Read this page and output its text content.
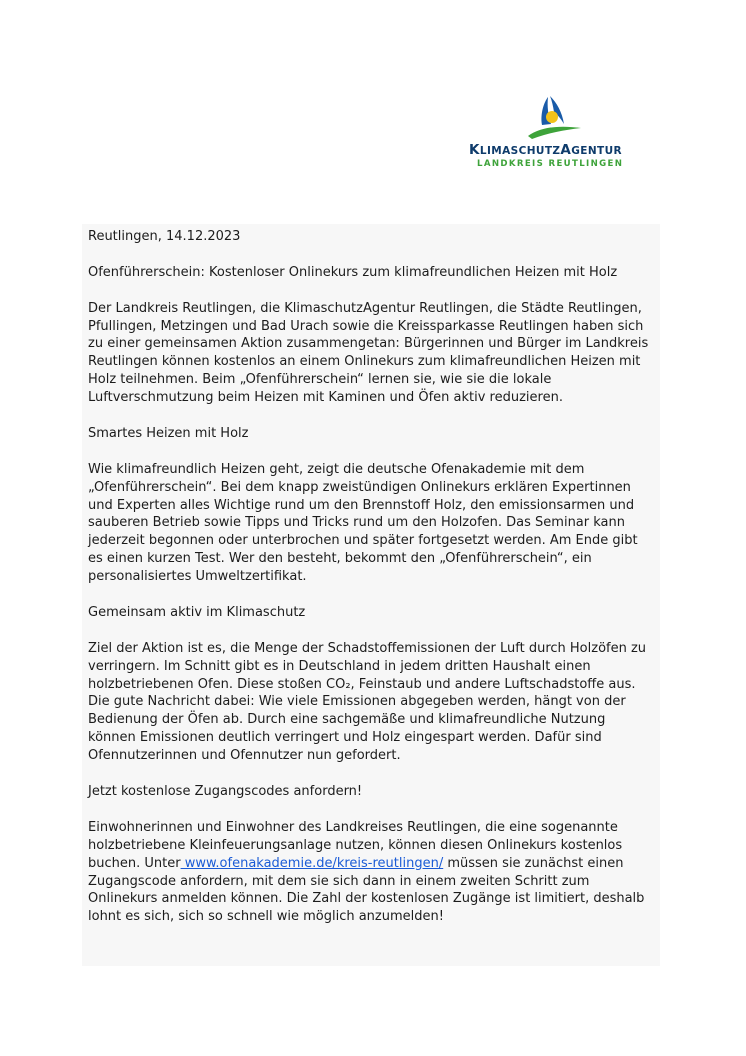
KLIMASCHUTZAGENTUR
LANDKREIS REUTLINGEN

Reutlingen, 14.12.2023

Ofenführerschein: Kostenloser Onlinekurs zum klimafreundlichen Heizen mit Holz

Der Landkreis Reutlingen, die KlimaschutzAgentur Reutlingen, die Städte Reutlingen, Pfullingen, Metzingen und Bad Urach sowie die Kreissparkasse Reutlingen haben sich zu einer gemeinsamen Aktion zusammengetan: Bürgerinnen und Bürger im Landkreis Reutlingen können kostenlos an einem Onlinekurs zum klimafreundlichen Heizen mit Holz teilnehmen. Beim „Ofenführerschein“ lernen sie, wie sie die lokale Luftverschmutzung beim Heizen mit Kaminen und Öfen aktiv reduzieren.

Smartes Heizen mit Holz

Wie klimafreundlich Heizen geht, zeigt die deutsche Ofenakademie mit dem „Ofenführerschein“. Bei dem knapp zweistündigen Onlinekurs erklären Expertinnen und Experten alles Wichtige rund um den Brennstoff Holz, den emissionsarmen und sauberen Betrieb sowie Tipps und Tricks rund um den Holzofen. Das Seminar kann jederzeit begonnen oder unterbrochen und später fortgesetzt werden. Am Ende gibt es einen kurzen Test. Wer den besteht, bekommt den „Ofenführerschein“, ein personalisiertes Umweltzertifikat.

Gemeinsam aktiv im Klimaschutz

Ziel der Aktion ist es, die Menge der Schadstoffemissionen der Luft durch Holzöfen zu verringern. Im Schnitt gibt es in Deutschland in jedem dritten Haushalt einen holzbetriebenen Ofen. Diese stoßen CO₂, Feinstaub und andere Luftschadstoffe aus. Die gute Nachricht dabei: Wie viele Emissionen abgegeben werden, hängt von der Bedienung der Öfen ab. Durch eine sachgemäße und klimafreundliche Nutzung können Emissionen deutlich verringert und Holz eingespart werden. Dafür sind Ofennutzerinnen und Ofennutzer nun gefordert.

Jetzt kostenlose Zugangscodes anfordern!

Einwohnerinnen und Einwohner des Landkreises Reutlingen, die eine sogenannte holzbetriebene Kleinfeuerungsanlage nutzen, können diesen Onlinekurs kostenlos buchen. Unter www.ofenakademie.de/kreis-reutlingen/ müssen sie zunächst einen Zugangscode anfordern, mit dem sie sich dann in einem zweiten Schritt zum Onlinekurs anmelden können. Die Zahl der kostenlosen Zugänge ist limitiert, deshalb lohnt es sich, sich so schnell wie möglich anzumelden!
